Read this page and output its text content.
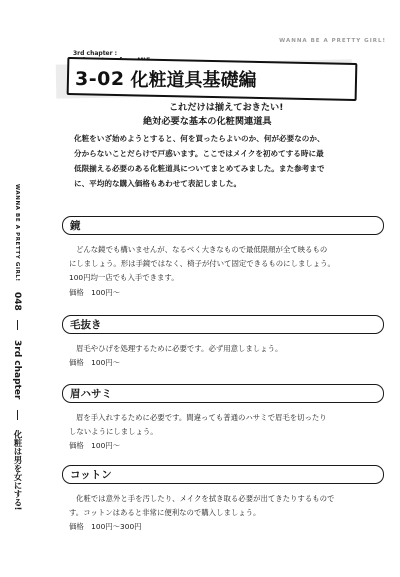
WANNA BE A PRETTY GIRL!
3rd chapter :
3-02 化粧道具基礎編
これだけは揃えておきたい!
絶対必要な基本の化粧関連道具

化粧をいざ始めようとすると、何を買ったらよいのか、何が必要なのか、

分からないことだらけで戸惑います。ここではメイクを初めてする時に最

低限揃える必要のある化粧道具についてまとめてみました。また参考まで

に、平均的な購入価格もあわせて表記しました。

WANNA BE A PRETTY GIRL!
048
3rd chapter
化粧は男を女にする!
鏡

どんな鏡でも構いませんが、なるべく大きなもので最低限顔が全て映るもの

にしましょう。形は手鏡ではなく、椅子が付いて固定できるものにしましょう。

100円均一店でも入手できます。

価格　100円〜

毛抜き

眉毛やひげを処理するために必要です。必ず用意しましょう。

価格　100円〜

眉ハサミ

眉を手入れするために必要です。間違っても普通のハサミで眉毛を切ったり

しないようにしましょう。

価格　100円〜

コットン

化粧では意外と手を汚したり、メイクを拭き取る必要が出てきたりするもので

す。コットンはあると非常に便利なので購入しましょう。

価格　100円〜300円
